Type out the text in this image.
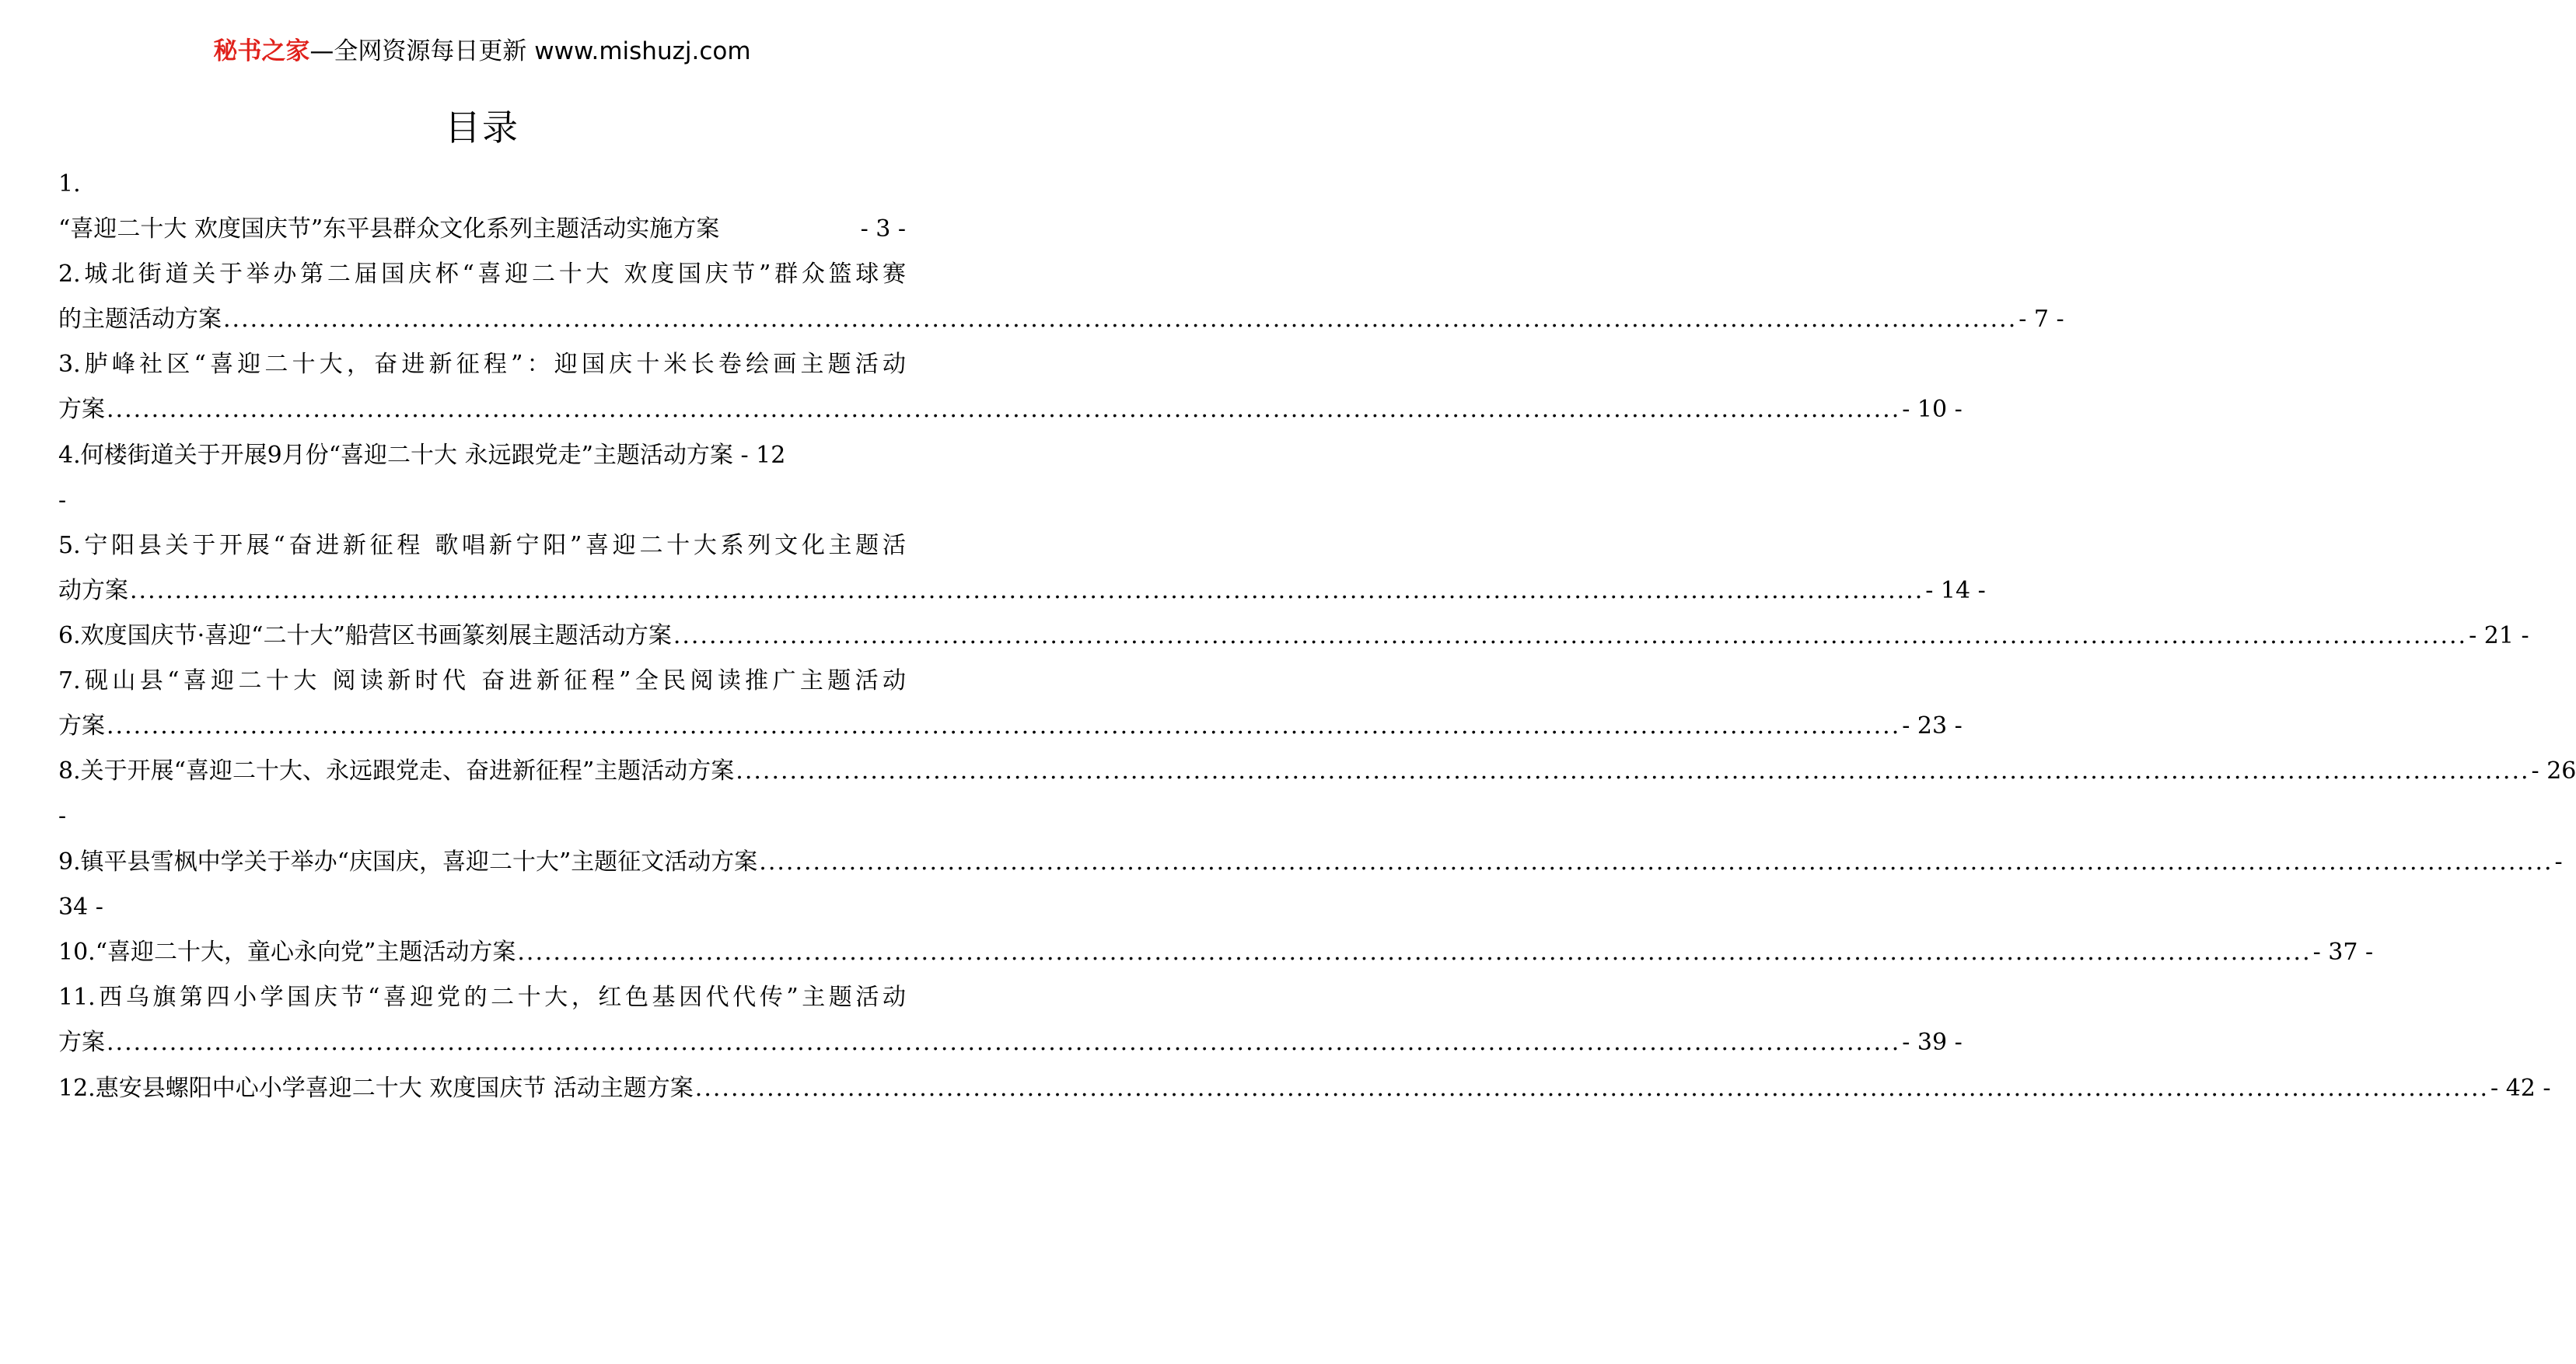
秘书之家—全网资源每日更新 www.mishuzj.com
目录
1.
“喜迎二十大 欢度国庆节”东平县群众文化系列主题活动实施方案	- 3 -
2.城北街道关于举办第二届国庆杯“喜迎二十大 欢度国庆节”群众篮球赛
的主题活动方案 ........................................................................................................................................................................................................ - 7 -
3.胪峰社区“喜迎二十大，奋进新征程”：迎国庆十米长卷绘画主题活动
方案 ........................................................................................................................................................................................................ - 10 -
4.何楼街道关于开展9月份“喜迎二十大 永远跟党走”主题活动方案 - 12
-
5.宁阳县关于开展“奋进新征程 歌唱新宁阳”喜迎二十大系列文化主题活
动方案 ........................................................................................................................................................................................................ - 14 -
6.欢度国庆节·喜迎“二十大”船营区书画篆刻展主题活动方案 ........................................................................................................................................................................................................ - 21 -
7.砚山县“喜迎二十大 阅读新时代 奋进新征程”全民阅读推广主题活动
方案 ........................................................................................................................................................................................................ - 23 -
8.关于开展“喜迎二十大、永远跟党走、奋进新征程”主题活动方案 ........................................................................................................................................................................................................ - 26
-
9.镇平县雪枫中学关于举办“庆国庆，喜迎二十大”主题征文活动方案 ........................................................................................................................................................................................................ -
34 -
10.“喜迎二十大，童心永向党”主题活动方案 ........................................................................................................................................................................................................ - 37 -
11.西乌旗第四小学国庆节“喜迎党的二十大，红色基因代代传”主题活动
方案 ........................................................................................................................................................................................................ - 39 -
12.惠安县螺阳中心小学喜迎二十大 欢度国庆节 活动主题方案 ........................................................................................................................................................................................................ - 42 -
